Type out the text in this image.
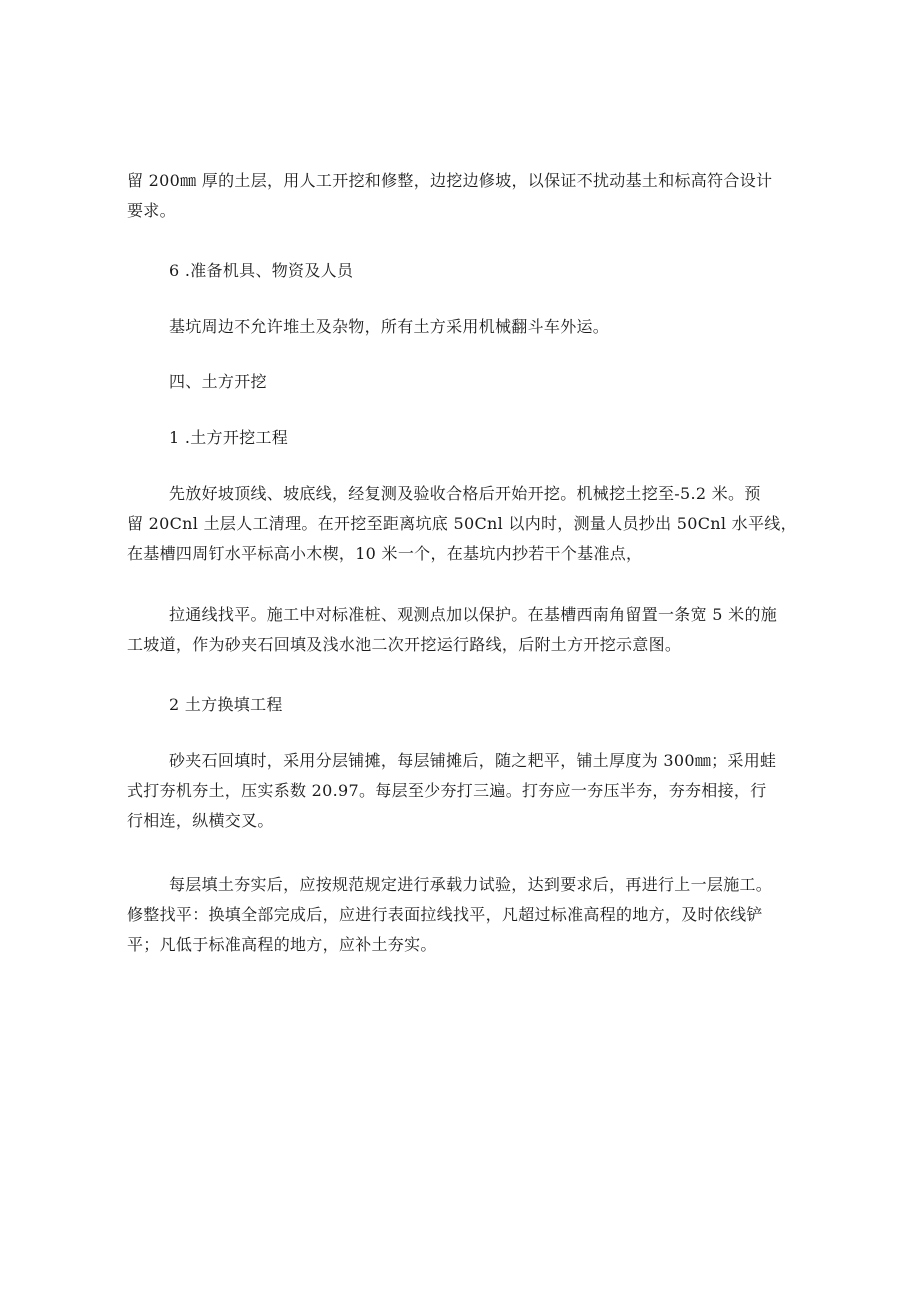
留 200㎜ 厚的土层，用人工开挖和修整，边挖边修坡，以保证不扰动基土和标高符合设计
要求。

6 .准备机具、物资及人员

基坑周边不允许堆土及杂物，所有土方采用机械翻斗车外运。

四、土方开挖

1 .土方开挖工程

先放好坡顶线、坡底线，经复测及验收合格后开始开挖。机械挖土挖至-5.2 米。预
留 20Cnl 土层人工清理。在开挖至距离坑底 50Cnl 以内时，测量人员抄出 50Cnl 水平线，
在基槽四周钉水平标高小木楔，10 米一个，在基坑内抄若干个基准点，

拉通线找平。施工中对标准桩、观测点加以保护。在基槽西南角留置一条宽 5 米的施
工坡道，作为砂夹石回填及浅水池二次开挖运行路线，后附土方开挖示意图。

2 土方换填工程

砂夹石回填时，采用分层铺摊，每层铺摊后，随之耙平，铺土厚度为 300㎜；采用蛙
式打夯机夯土，压实系数 20.97。每层至少夯打三遍。打夯应一夯压半夯，夯夯相接，行
行相连，纵横交叉。

每层填土夯实后，应按规范规定进行承载力试验，达到要求后，再进行上一层施工。
修整找平：换填全部完成后，应进行表面拉线找平，凡超过标准高程的地方，及时依线铲
平；凡低于标准高程的地方，应补土夯实。
